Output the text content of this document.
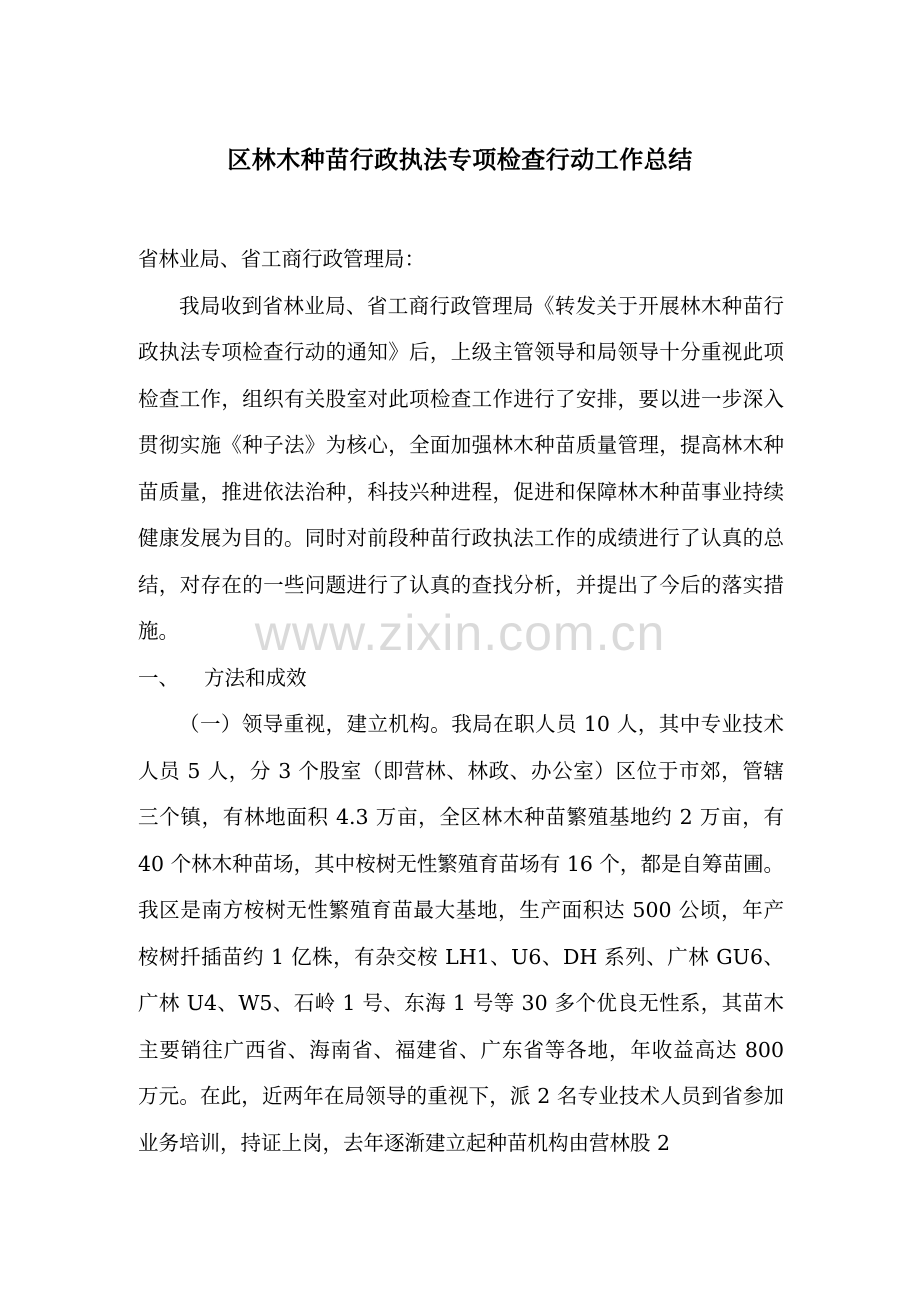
区林木种苗行政执法专项检查行动工作总结

省林业局、省工商行政管理局：

我局收到省林业局、省工商行政管理局《转发关于开展林木种苗行政执法专项检查行动的通知》后，上级主管领导和局领导十分重视此项检查工作，组织有关股室对此项检查工作进行了安排，要以进一步深入贯彻实施《种子法》为核心，全面加强林木种苗质量管理，提高林木种苗质量，推进依法治种，科技兴种进程，促进和保障林木种苗事业持续健康发展为目的。同时对前段种苗行政执法工作的成绩进行了认真的总结，对存在的一些问题进行了认真的查找分析，并提出了今后的落实措施。

一、	方法和成效

（一）领导重视，建立机构。我局在职人员 10 人，其中专业技术人员 5 人，分 3 个股室（即营林、林政、办公室）区位于市郊，管辖三个镇，有林地面积 4.3 万亩，全区林木种苗繁殖基地约 2 万亩，有 40 个林木种苗场，其中桉树无性繁殖育苗场有 16 个，都是自筹苗圃。我区是南方桉树无性繁殖育苗最大基地，生产面积达 500 公顷，年产桉树扦插苗约 1 亿株，有杂交桉 LH1、U6、DH 系列、广林 GU6、广林 U4、W5、石岭 1 号、东海 1 号等 30 多个优良无性系，其苗木主要销往广西省、海南省、福建省、广东省等各地，年收益高达 800 万元。在此，近两年在局领导的重视下，派 2 名专业技术人员到省参加业务培训，持证上岗，去年逐渐建立起种苗机构由营林股 2

www.zixin.com.cn
